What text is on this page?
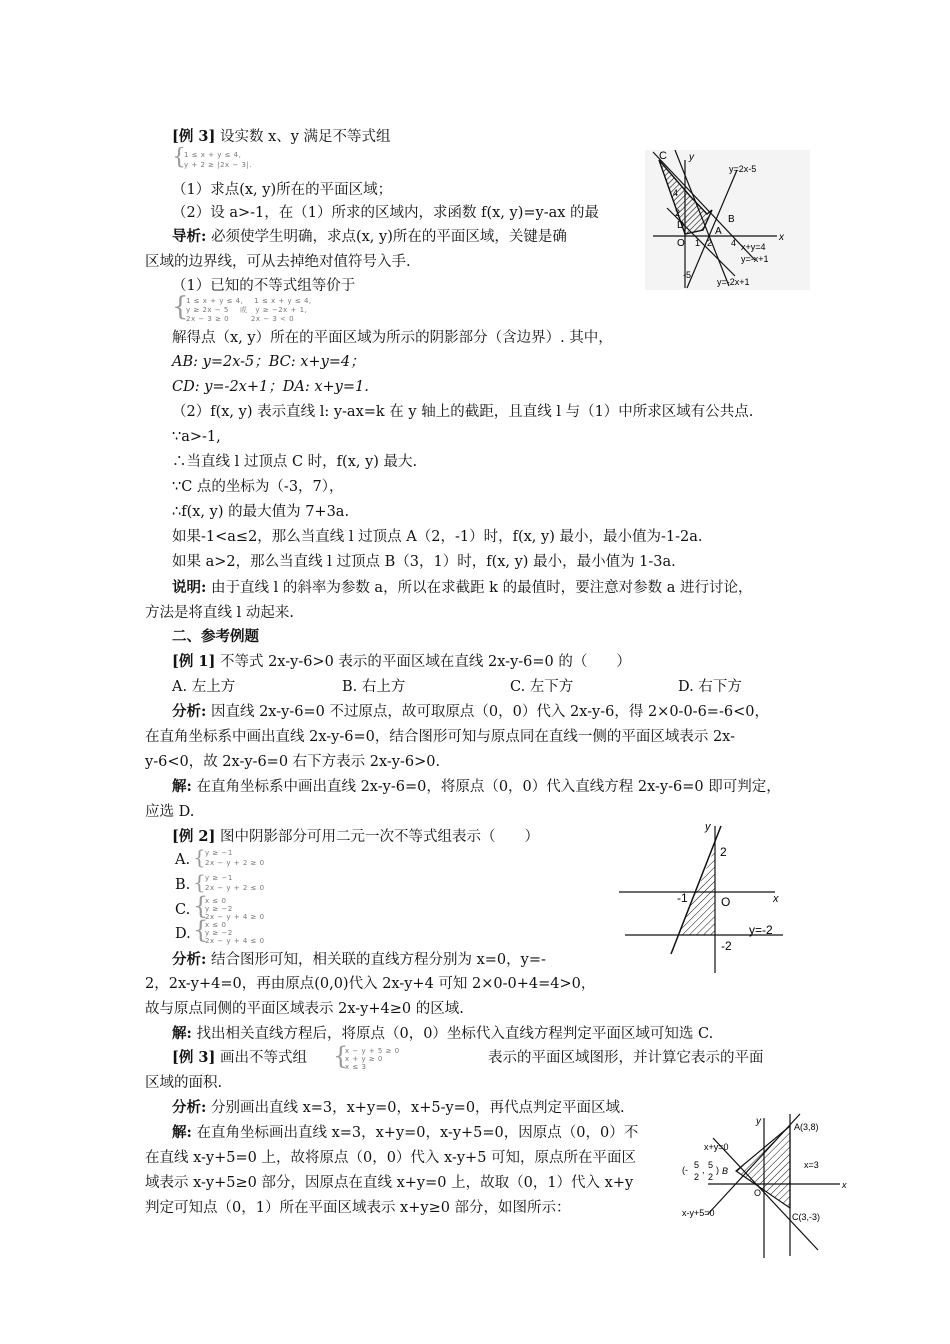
[例 3] 设实数 x、y 满足不等式组
{
1 ≤ x + y ≤ 4,
y + 2 ≥ |2x − 3|.
（1）求点(x, y)所在的平面区域；
（2）设 a>-1，在（1）所求的区域内，求函数 f(x, y)=y-ax 的最
导析: 必须使学生明确，求点(x, y)所在的平面区域，关键是确
区域的边界线，可从去掉绝对值符号入手.
（1）已知的不等式组等价于
{
1 ≤ x + y ≤ 4,    1 ≤ x + y ≤ 4,
y ≥ 2x − 5    或   y ≥ −2x + 1,
2x − 3 ≥ 0        2x − 3 < 0
解得点（x, y）所在的平面区域为所示的阴影部分（含边界）. 其中，
AB: y=2x-5；BC: x+y=4；
CD: y=-2x+1；DA: x+y=1.
（2）f(x, y) 表示直线 l: y-ax=k 在 y 轴上的截距，且直线 l 与（1）中所求区域有公共点.
∵a>-1,
∴当直线 l 过顶点 C 时，f(x, y) 最大.
∵C 点的坐标为（-3，7），
∴f(x, y) 的最大值为 7+3a.
如果-1<a≤2，那么当直线 l 过顶点 A（2，-1）时，f(x, y) 最小，最小值为-1-2a.
如果 a>2，那么当直线 l 过顶点 B（3，1）时，f(x, y) 最小，最小值为 1-3a.
说明: 由于直线 l 的斜率为参数 a，所以在求截距 k 的最值时，要注意对参数 a 进行讨论，
方法是将直线 l 动起来.
C y
4
2
A
B
D
O 1 2 4	x
-5
y=2x-5
x+y=4
y=-x+1
y=-2x+1
二、参考例题
[例 1] 不等式 2x-y-6>0 表示的平面区域在直线 2x-y-6=0 的（　　）
A. 左上方	B. 右上方	C. 左下方	D. 右下方
分析: 因直线 2x-y-6=0 不过原点，故可取原点（0，0）代入 2x-y-6，得 2×0-0-6=-6<0，
在直角坐标系中画出直线 2x-y-6=0，结合图形可知与原点同在直线一侧的平面区域表示 2x-
y-6<0，故 2x-y-6=0 右下方表示 2x-y-6>0.
解: 在直角坐标系中画出直线 2x-y-6=0，将原点（0，0）代入直线方程 2x-y-6=0 即可判定，
应选 D.
[例 2] 图中阴影部分可用二元一次不等式组表示（　　）
A. { y ≥ −1
2x − y + 2 ≥ 0
B. { y ≥ −1
2x − y + 2 ≤ 0
C. {
x ≤ 0
y ≥ −2
2x − y + 4 ≥ 0
D. {
x ≤ 0
y ≥ −2
2x − y + 4 ≤ 0
分析: 结合图形可知，相关联的直线方程分别为 x=0，y=-
2，2x-y+4=0，再由原点(0,0)代入 2x-y+4 可知 2×0-0+4=4>0，
故与原点同侧的平面区域表示 2x-y+4≥0 的区域.
解: 找出相关直线方程后，将原点（0，0）坐标代入直线方程判定平面区域可知选 C.
y
2
-1	O	x
-2
y=-2
[例 3] 画出不等式组 {
x − y + 5 ≥ 0
x + y ≥ 0
x ≤ 3
表示的平面区域图形，并计算它表示的平面
区域的面积.
分析: 分别画出直线 x=3，x+y=0，x+5-y=0，再代点判定平面区域.
解: 在直角坐标画出直线 x=3，x+y=0，x-y+5=0，因原点（0，0）不
在直线 x-y+5=0 上，故将原点（0，0）代入 x-y+5 可知，原点所在平面区
域表示 x-y+5≥0 部分，因原点在直线 x+y=0 上，故取（0，1）代入 x+y
判定可知点（0，1）所在平面区域表示 x+y≥0 部分，如图所示：
y	A(3,8)
x+y=0
x=3
(- 5
2
, 5
2
) B
O
x
x-y+5=0	C(3,-3)
